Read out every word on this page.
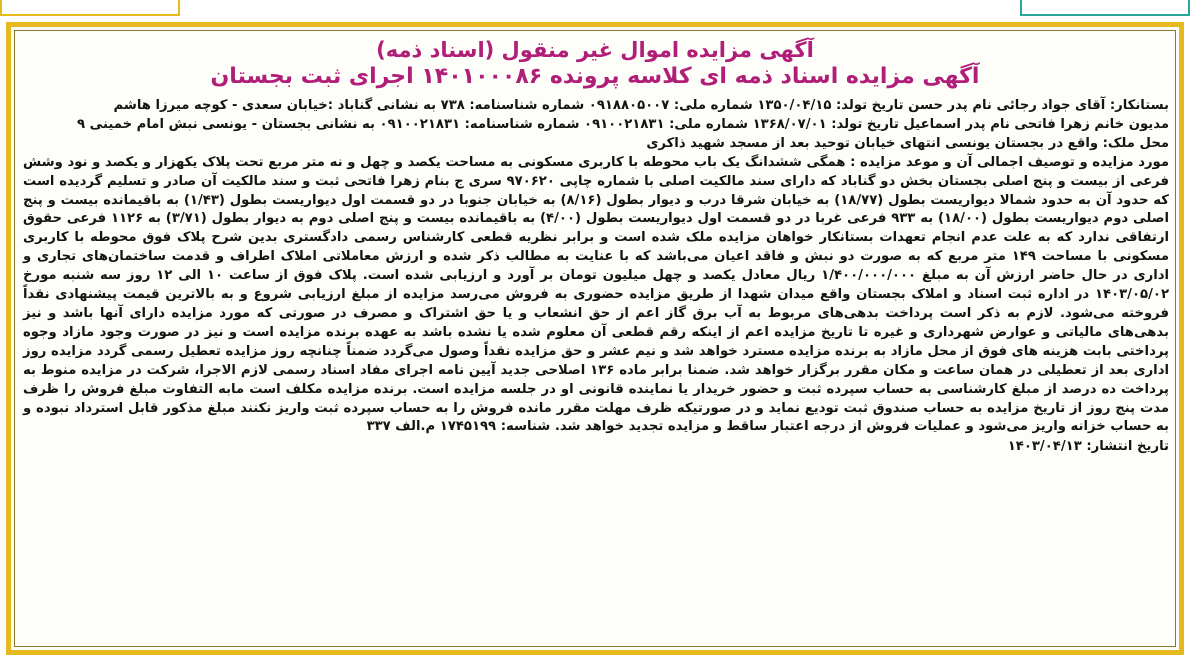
آگهی مزایده اموال غیر منقول (اسناد ذمه)
آگهی مزایده اسناد ذمه ای کلاسه پرونده ۱۴۰۱۰۰۰۸۶ اجرای ثبت بجستان

بستانکار: آقای جواد رجائی نام پدر حسن تاریخ تولد: ۱۳۵۰/۰۴/۱۵ شماره ملی: ۰۹۱۸۸۰۵۰۰۷ شماره شناسنامه: ۷۳۸ به نشانی گناباد :خیابان سعدی - کوچه میرزا هاشم

مدیون خانم زهرا فاتحی نام پدر اسماعیل تاریخ تولد: ۱۳۶۸/۰۷/۰۱ شماره ملی: ۰۹۱۰۰۲۱۸۳۱ شماره شناسنامه: ۰۹۱۰۰۲۱۸۳۱ به نشانی بجستان - یونسی نبش امام خمینی ۹

محل ملک: واقع در بجستان یونسی انتهای خیابان توحید بعد از مسجد شهید ذاکری

مورد مزایده و توصیف اجمالی آن و موعد مزایده : همگی ششدانگ یک باب محوطه با کاربری مسکونی به مساحت یکصد و چهل و نه متر مربع تحت پلاک یکهزار و یکصد و نود وشش فرعی از بیست و پنج اصلی بجستان بخش دو گناباد که دارای سند مالکیت اصلی با شماره چاپی ۹۷۰۶۲۰ سری ج بنام زهرا فاتحی ثبت و سند مالکیت آن صادر و تسلیم گردیده است که حدود آن به حدود شمالا دیواریست بطول (۱۸/۷۷) به خیابان شرقا درب و دیوار بطول (۸/۱۶) به خیابان جنوبا در دو قسمت اول دیواریست بطول (۱/۴۳) به باقیمانده بیست و پنج اصلی دوم دیواریست بطول (۱۸/۰۰) به ۹۳۳ فرعی غربا در دو قسمت اول دیواریست بطول (۴/۰۰) به باقیمانده بیست و پنج اصلی دوم به دیوار بطول (۳/۷۱) به ۱۱۲۶ فرعی حقوق ارتفاقی ندارد که به علت عدم انجام تعهدات بستانکار خواهان مزایده ملک شده است و برابر نظریه قطعی کارشناس رسمی دادگستری بدین شرح پلاک فوق محوطه با کاربری مسکونی با مساحت ۱۴۹ متر مربع که به صورت دو نبش و فاقد اعیان می‌باشد که با عنایت به مطالب ذکر شده و ارزش معاملاتی املاک اطراف و قدمت ساختمان‌های تجاری و اداری در حال حاضر ارزش آن به مبلغ ۱/۴۰۰/۰۰۰/۰۰۰ ریال معادل یکصد و چهل میلیون تومان بر آورد و ارزیابی شده است. پلاک فوق از ساعت ۱۰ الی ۱۲ روز سه شنبه مورخ ۱۴۰۳/۰۵/۰۲ در اداره ثبت اسناد و املاک بجستان واقع میدان شهدا از طریق مزایده حضوری به فروش می‌رسد مزایده از مبلغ ارزیابی شروع و به بالاترین قیمت پیشنهادی نقداً فروخته می‌شود. لازم به ذکر است پرداخت بدهی‌های مربوط به آب برق گاز اعم از حق انشعاب و یا حق اشتراک و مصرف در صورتی که مورد مزایده دارای آنها باشد و نیز بدهی‌های مالیاتی و عوارض شهرداری و غیره تا تاریخ مزایده اعم از اینکه رقم قطعی آن معلوم شده یا نشده باشد به عهده برنده مزایده است و نیز در صورت وجود مازاد وجوه پرداختی بابت هزینه های فوق از محل مازاد به برنده مزایده مسترد خواهد شد و نیم عشر و حق مزایده نقداً وصول می‌گردد ضمناً چنانچه روز مزایده تعطیل رسمی گردد مزایده روز اداری بعد از تعطیلی در همان ساعت و مکان مقرر برگزار خواهد شد. ضمنا برابر ماده ۱۳۶ اصلاحی جدید آیین نامه اجرای مفاد اسناد رسمی لازم الاجرا، شرکت در مزایده منوط به پرداخت ده درصد از مبلغ کارشناسی به حساب سپرده ثبت و حضور خریدار یا نماینده قانونی او در جلسه مزایده است. برنده مزایده مکلف است مابه التفاوت مبلغ فروش را ظرف مدت پنج روز از تاریخ مزایده به حساب صندوق ثبت تودیع نماید و در صورتیکه ظرف مهلت مقرر مانده فروش را به حساب سپرده ثبت واریز نکنند مبلغ مذکور قابل استرداد نبوده و به حساب خزانه واریز می‌شود و عملیات فروش از درجه اعتبار ساقط و مزایده تجدید خواهد شد. شناسه: ۱۷۴۵۱۹۹ م.الف ۳۳۷

تاریخ انتشار: ۱۴۰۳/۰۴/۱۳
